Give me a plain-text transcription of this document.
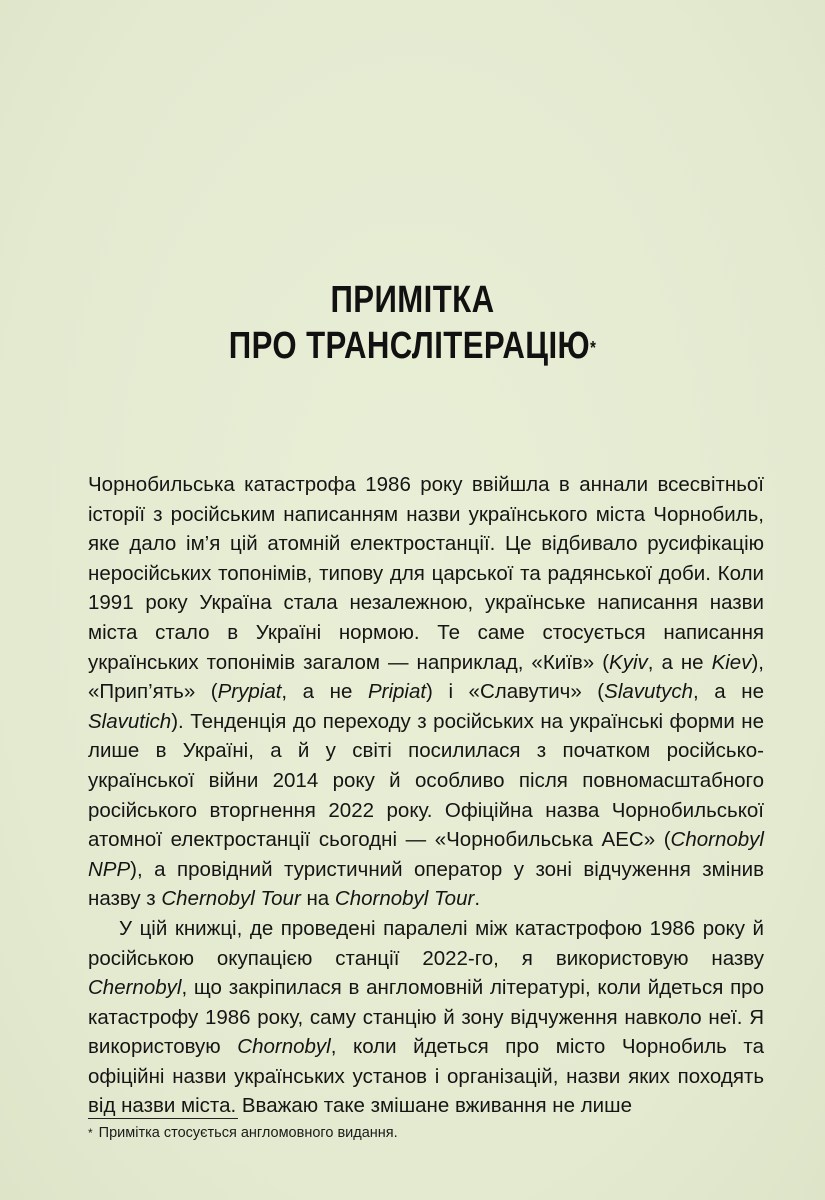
ПРИМІТКА
ПРО ТРАНСЛІТЕРАЦІЮ*

Чорнобильська катастрофа 1986 року ввійшла в аннали всесвітньої історії з російським написанням назви українського міста Чорнобиль, яке дало ім’я цій атомній електростанції. Це відбивало русифікацію неросійських топонімів, типову для царської та радянської доби. Коли 1991 року Україна стала незалежною, українське написання назви міста стало в Україні нормою. Те саме стосується написання українських топонімів загалом — наприклад, «Київ» (Kyiv, а не Kiev), «Прип’ять» (Prypiat, а не Pripiat) і «Славутич» (Slavutych, а не Slavutich). Тенденція до переходу з російських на українські форми не лише в Україні, а й у світі посилилася з початком російсько-української війни 2014 року й особливо після повномасштабного російського вторгнення 2022 року. Офіційна назва Чорнобильської атомної електростанції сьогодні — «Чорнобильська АЕС» (Chornobyl NPP), а провідний туристичний оператор у зоні відчуження змінив назву з Chernobyl Tour на Chornobyl Tour.

У цій книжці, де проведені паралелі між катастрофою 1986 року й російською окупацією станції 2022-го, я використовую назву Chernobyl, що закріпилася в англомовній літературі, коли йдеться про катастрофу 1986 року, саму станцію й зону відчуження навколо неї. Я використовую Chornobyl, коли йдеться про місто Чорнобиль та офіційні назви українських установ і організацій, назви яких походять від назви міста. Вважаю таке змішане вживання не лише

* Примітка стосується англомовного видання.
